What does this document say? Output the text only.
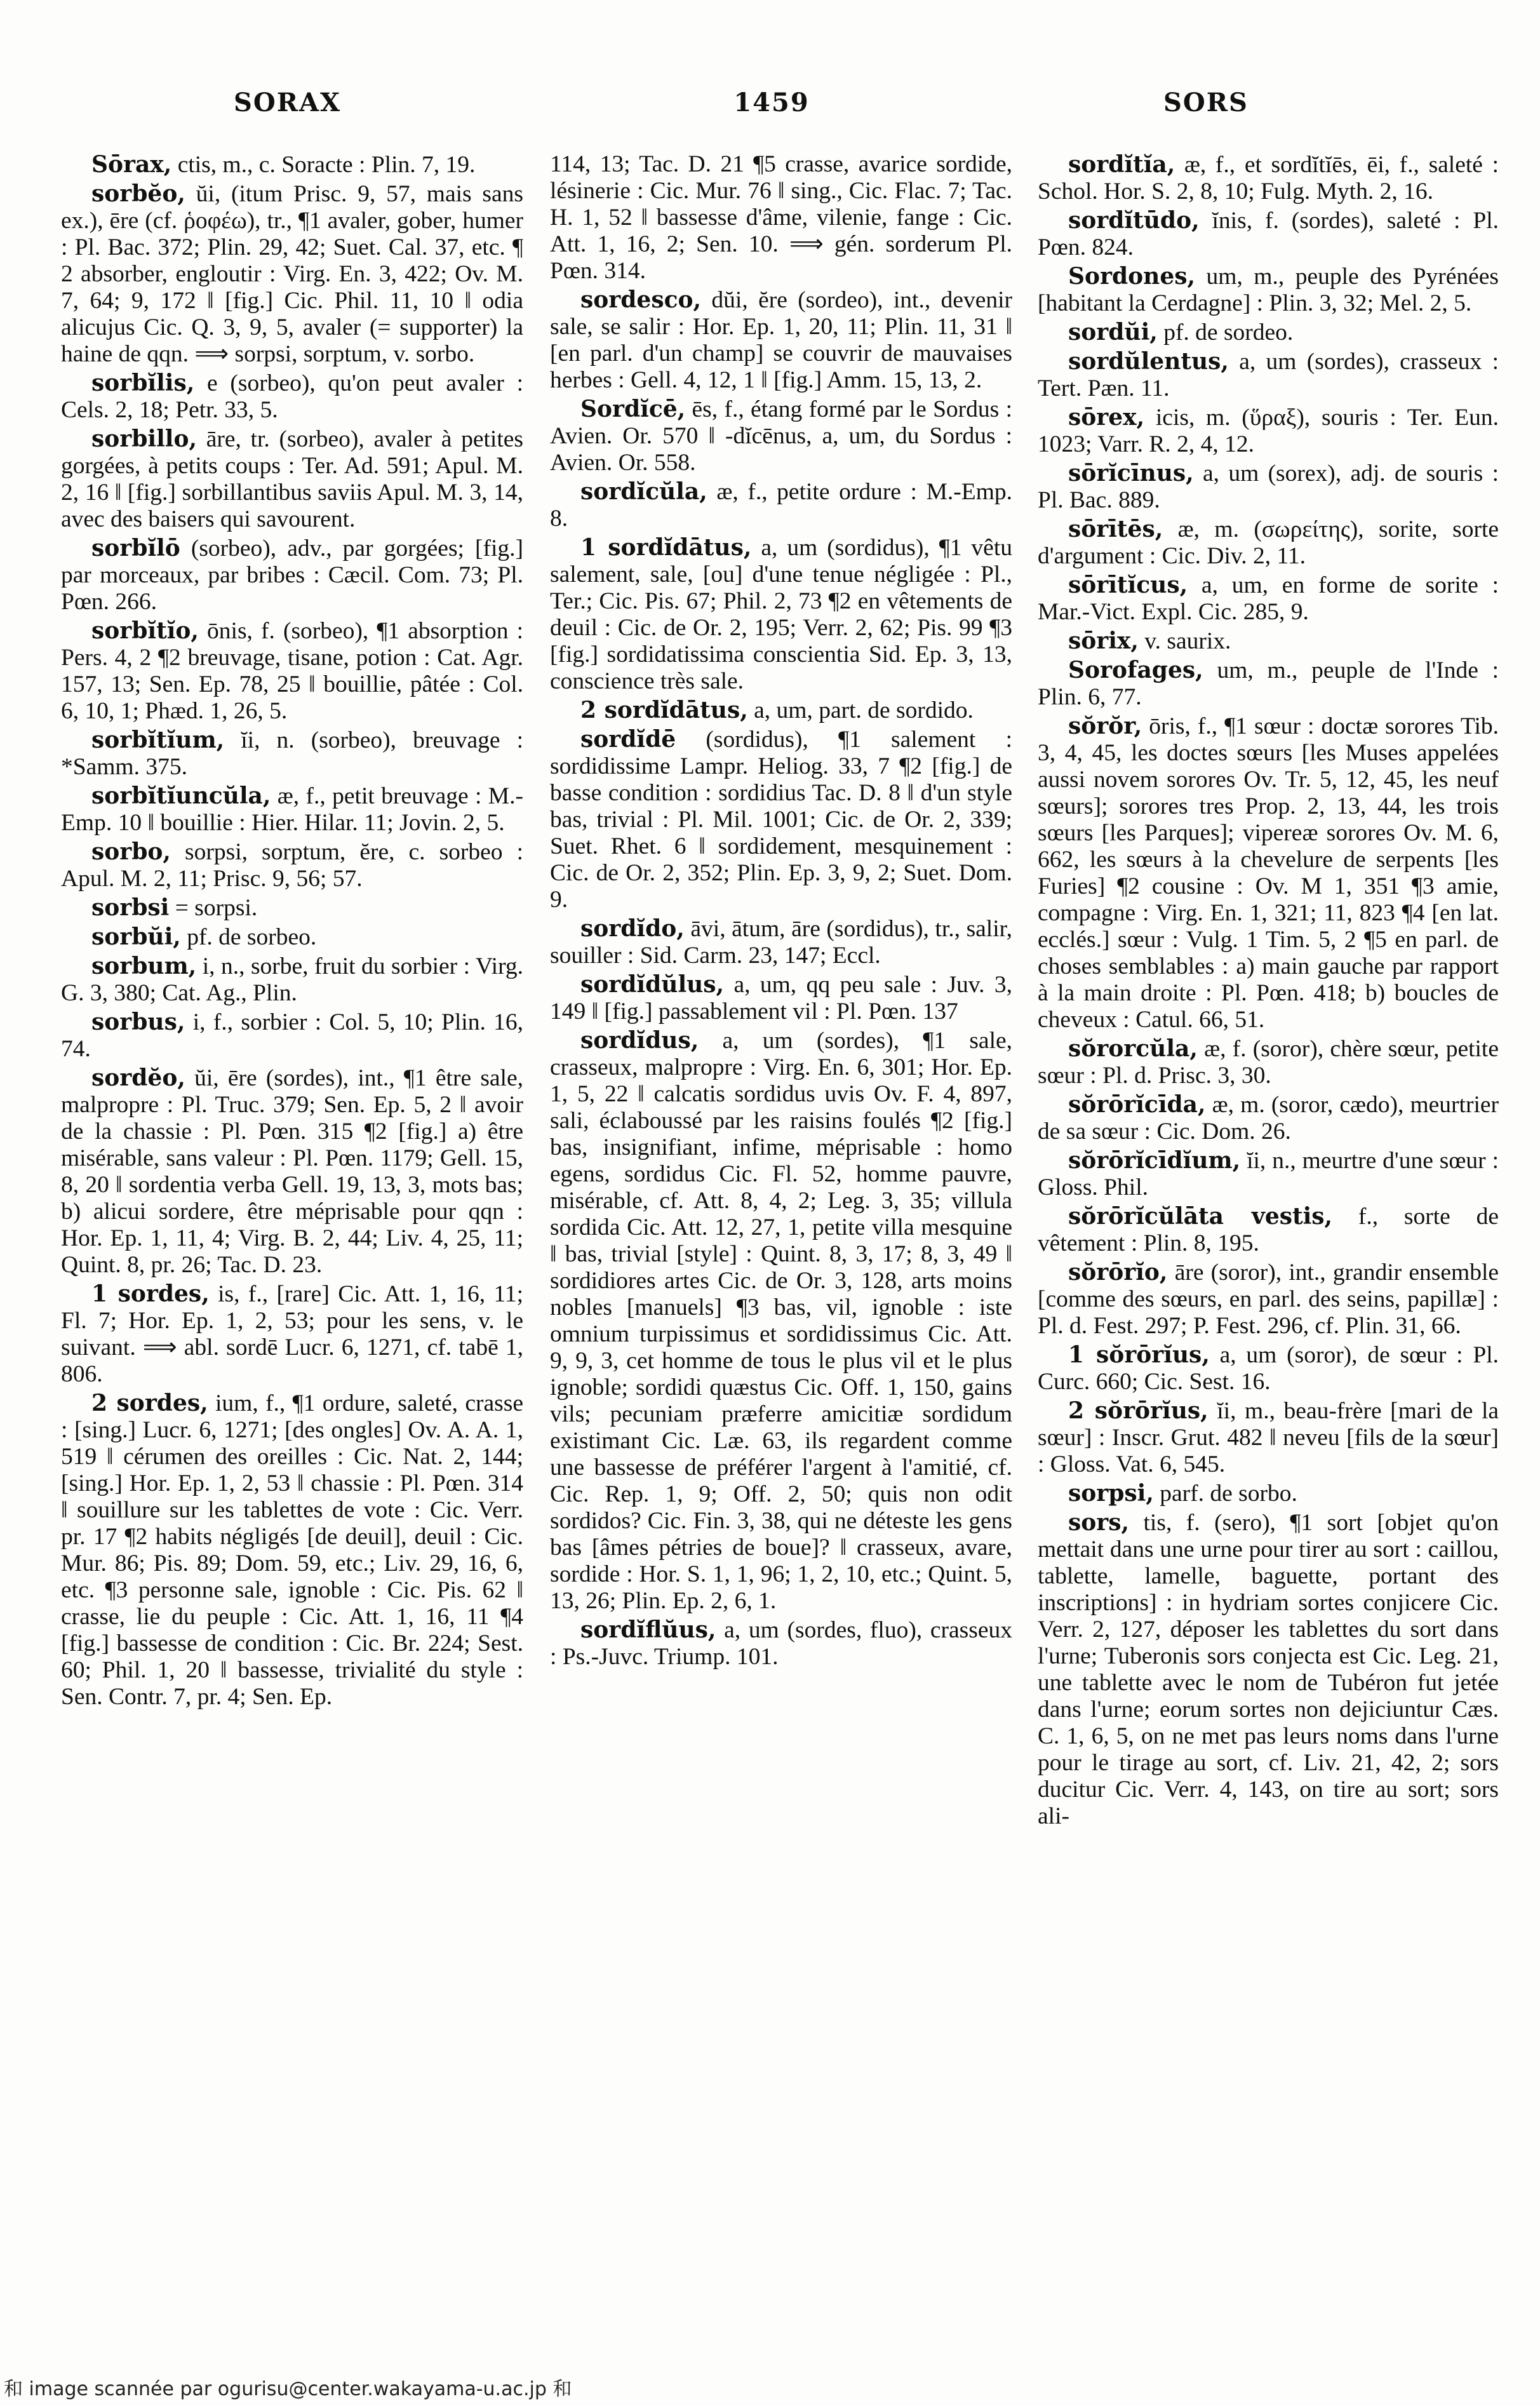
SORAX	1459	SORS

Sōrax, ctis, m., c. Soracte : Plin. 7, 19.

sorbĕo, ŭi, (itum Prisc. 9, 57, mais sans ex.), ēre (cf. ῥοφέω), tr., ¶1 avaler, gober, humer : Pl. Bac. 372; Plin. 29, 42; Suet. Cal. 37, etc. ¶ 2 absorber, engloutir : Virg. En. 3, 422; Ov. M. 7, 64; 9, 172 ‖ [fig.] Cic. Phil. 11, 10 ‖ odia alicujus Cic. Q. 3, 9, 5, avaler (= supporter) la haine de qqn. ⟹ sorpsi, sorptum, v. sorbo.

sorbĭlis, e (sorbeo), qu'on peut avaler : Cels. 2, 18; Petr. 33, 5.

sorbillo, āre, tr. (sorbeo), avaler à petites gorgées, à petits coups : Ter. Ad. 591; Apul. M. 2, 16 ‖ [fig.] sorbillantibus saviis Apul. M. 3, 14, avec des baisers qui savourent.

sorbĭlō (sorbeo), adv., par gorgées; [fig.] par morceaux, par bribes : Cæcil. Com. 73; Pl. Pœn. 266.

sorbĭtĭo, ōnis, f. (sorbeo), ¶1 absorption : Pers. 4, 2 ¶2 breuvage, tisane, potion : Cat. Agr. 157, 13; Sen. Ep. 78, 25 ‖ bouillie, pâtée : Col. 6, 10, 1; Phæd. 1, 26, 5.

sorbĭtĭum, ĭi, n. (sorbeo), breuvage : *Samm. 375.

sorbĭtĭuncŭla, æ, f., petit breuvage : M.-Emp. 10 ‖ bouillie : Hier. Hilar. 11; Jovin. 2, 5.

sorbo, sorpsi, sorptum, ĕre, c. sorbeo : Apul. M. 2, 11; Prisc. 9, 56; 57.

sorbsi = sorpsi.

sorbŭi, pf. de sorbeo.

sorbum, i, n., sorbe, fruit du sorbier : Virg. G. 3, 380; Cat. Ag., Plin.

sorbus, i, f., sorbier : Col. 5, 10; Plin. 16, 74.

sordĕo, ŭi, ēre (sordes), int., ¶1 être sale, malpropre : Pl. Truc. 379; Sen. Ep. 5, 2 ‖ avoir de la chassie : Pl. Pœn. 315 ¶2 [fig.] a) être misérable, sans valeur : Pl. Pœn. 1179; Gell. 15, 8, 20 ‖ sordentia verba Gell. 19, 13, 3, mots bas; b) alicui sordere, être méprisable pour qqn : Hor. Ep. 1, 11, 4; Virg. B. 2, 44; Liv. 4, 25, 11; Quint. 8, pr. 26; Tac. D. 23.

1 sordes, is, f., [rare] Cic. Att. 1, 16, 11; Fl. 7; Hor. Ep. 1, 2, 53; pour les sens, v. le suivant. ⟹ abl. sordē Lucr. 6, 1271, cf. tabē 1, 806.

2 sordes, ium, f., ¶1 ordure, saleté, crasse : [sing.] Lucr. 6, 1271; [des ongles] Ov. A. A. 1, 519 ‖ cérumen des oreilles : Cic. Nat. 2, 144; [sing.] Hor. Ep. 1, 2, 53 ‖ chassie : Pl. Pœn. 314 ‖ souillure sur les tablettes de vote : Cic. Verr. pr. 17 ¶2 habits négligés [de deuil], deuil : Cic. Mur. 86; Pis. 89; Dom. 59, etc.; Liv. 29, 16, 6, etc. ¶3 personne sale, ignoble : Cic. Pis. 62 ‖ crasse, lie du peuple : Cic. Att. 1, 16, 11 ¶4 [fig.] bassesse de condition : Cic. Br. 224; Sest. 60; Phil. 1, 20 ‖ bassesse, trivialité du style : Sen. Contr. 7, pr. 4; Sen. Ep.

114, 13; Tac. D. 21 ¶5 crasse, avarice sordide, lésinerie : Cic. Mur. 76 ‖ sing., Cic. Flac. 7; Tac. H. 1, 52 ‖ bassesse d'âme, vilenie, fange : Cic. Att. 1, 16, 2; Sen. 10. ⟹ gén. sorderum Pl. Pœn. 314.

sordesco, dŭi, ĕre (sordeo), int., devenir sale, se salir : Hor. Ep. 1, 20, 11; Plin. 11, 31 ‖ [en parl. d'un champ] se couvrir de mauvaises herbes : Gell. 4, 12, 1 ‖ [fig.] Amm. 15, 13, 2.

Sordĭcē, ēs, f., étang formé par le Sordus : Avien. Or. 570 ‖ -dĭcēnus, a, um, du Sordus : Avien. Or. 558.

sordĭcŭla, æ, f., petite ordure : M.-Emp. 8.

1 sordĭdātus, a, um (sordidus), ¶1 vêtu salement, sale, [ou] d'une tenue négligée : Pl., Ter.; Cic. Pis. 67; Phil. 2, 73 ¶2 en vêtements de deuil : Cic. de Or. 2, 195; Verr. 2, 62; Pis. 99 ¶3 [fig.] sordidatissima conscientia Sid. Ep. 3, 13, conscience très sale.

2 sordĭdātus, a, um, part. de sordido.

sordĭdē (sordidus), ¶1 salement : sordidissime Lampr. Heliog. 33, 7 ¶2 [fig.] de basse condition : sordidius Tac. D. 8 ‖ d'un style bas, trivial : Pl. Mil. 1001; Cic. de Or. 2, 339; Suet. Rhet. 6 ‖ sordidement, mesquinement : Cic. de Or. 2, 352; Plin. Ep. 3, 9, 2; Suet. Dom. 9.

sordĭdo, āvi, ātum, āre (sordidus), tr., salir, souiller : Sid. Carm. 23, 147; Eccl.

sordĭdŭlus, a, um, qq peu sale : Juv. 3, 149 ‖ [fig.] passablement vil : Pl. Pœn. 137

sordĭdus, a, um (sordes), ¶1 sale, crasseux, malpropre : Virg. En. 6, 301; Hor. Ep. 1, 5, 22 ‖ calcatis sordidus uvis Ov. F. 4, 897, sali, éclaboussé par les raisins foulés ¶2 [fig.] bas, insignifiant, infime, méprisable : homo egens, sordidus Cic. Fl. 52, homme pauvre, misérable, cf. Att. 8, 4, 2; Leg. 3, 35; villula sordida Cic. Att. 12, 27, 1, petite villa mesquine ‖ bas, trivial [style] : Quint. 8, 3, 17; 8, 3, 49 ‖ sordidiores artes Cic. de Or. 3, 128, arts moins nobles [manuels] ¶3 bas, vil, ignoble : iste omnium turpissimus et sordidissimus Cic. Att. 9, 9, 3, cet homme de tous le plus vil et le plus ignoble; sordidi quæstus Cic. Off. 1, 150, gains vils; pecuniam præferre amicitiæ sordidum existimant Cic. Læ. 63, ils regardent comme une bassesse de préférer l'argent à l'amitié, cf. Cic. Rep. 1, 9; Off. 2, 50; quis non odit sordidos? Cic. Fin. 3, 38, qui ne déteste les gens bas [âmes pétries de boue]? ‖ crasseux, avare, sordide : Hor. S. 1, 1, 96; 1, 2, 10, etc.; Quint. 5, 13, 26; Plin. Ep. 2, 6, 1.

sordĭflŭus, a, um (sordes, fluo), crasseux : Ps.-Juvc. Triump. 101.

sordĭtĭa, æ, f., et sordĭtĭēs, ēi, f., saleté : Schol. Hor. S. 2, 8, 10; Fulg. Myth. 2, 16.

sordĭtūdo, ĭnis, f. (sordes), saleté : Pl. Pœn. 824.

Sordones, um, m., peuple des Pyrénées [habitant la Cerdagne] : Plin. 3, 32; Mel. 2, 5.

sordŭi, pf. de sordeo.

sordŭlentus, a, um (sordes), crasseux : Tert. Pæn. 11.

sōrex, icis, m. (ὕραξ), souris : Ter. Eun. 1023; Varr. R. 2, 4, 12.

sōrĭcīnus, a, um (sorex), adj. de souris : Pl. Bac. 889.

sōrītēs, æ, m. (σωρείτης), sorite, sorte d'argument : Cic. Div. 2, 11.

sōrītĭcus, a, um, en forme de sorite : Mar.-Vict. Expl. Cic. 285, 9.

sōrix, v. saurix.

Sorofages, um, m., peuple de l'Inde : Plin. 6, 77.

sŏrŏr, ōris, f., ¶1 sœur : doctæ sorores Tib. 3, 4, 45, les doctes sœurs [les Muses appelées aussi novem sorores Ov. Tr. 5, 12, 45, les neuf sœurs]; sorores tres Prop. 2, 13, 44, les trois sœurs [les Parques]; vipereæ sorores Ov. M. 6, 662, les sœurs à la chevelure de serpents [les Furies] ¶2 cousine : Ov. M 1, 351 ¶3 amie, compagne : Virg. En. 1, 321; 11, 823 ¶4 [en lat. ecclés.] sœur : Vulg. 1 Tim. 5, 2 ¶5 en parl. de choses semblables : a) main gauche par rapport à la main droite : Pl. Pœn. 418; b) boucles de cheveux : Catul. 66, 51.

sŏrorcŭla, æ, f. (soror), chère sœur, petite sœur : Pl. d. Prisc. 3, 30.

sŏrōrĭcīda, æ, m. (soror, cædo), meurtrier de sa sœur : Cic. Dom. 26.

sŏrōrĭcīdĭum, ĭi, n., meurtre d'une sœur : Gloss. Phil.

sŏrōrĭcŭlāta vestis, f., sorte de vêtement : Plin. 8, 195.

sŏrōrĭo, āre (soror), int., grandir ensemble [comme des sœurs, en parl. des seins, papillæ] : Pl. d. Fest. 297; P. Fest. 296, cf. Plin. 31, 66.

1 sŏrōrĭus, a, um (soror), de sœur : Pl. Curc. 660; Cic. Sest. 16.

2 sŏrōrĭus, ĭi, m., beau-frère [mari de la sœur] : Inscr. Grut. 482 ‖ neveu [fils de la sœur] : Gloss. Vat. 6, 545.

sorpsi, parf. de sorbo.

sors, tis, f. (sero), ¶1 sort [objet qu'on mettait dans une urne pour tirer au sort : caillou, tablette, lamelle, baguette, portant des inscriptions] : in hydriam sortes conjicere Cic. Verr. 2, 127, déposer les tablettes du sort dans l'urne; Tuberonis sors conjecta est Cic. Leg. 21, une tablette avec le nom de Tubéron fut jetée dans l'urne; eorum sortes non dejiciuntur Cæs. C. 1, 6, 5, on ne met pas leurs noms dans l'urne pour le tirage au sort, cf. Liv. 21, 42, 2; sors ducitur Cic. Verr. 4, 143, on tire au sort; sors ali-

和 image scannée par ogurisu@center.wakayama-u.ac.jp 和
